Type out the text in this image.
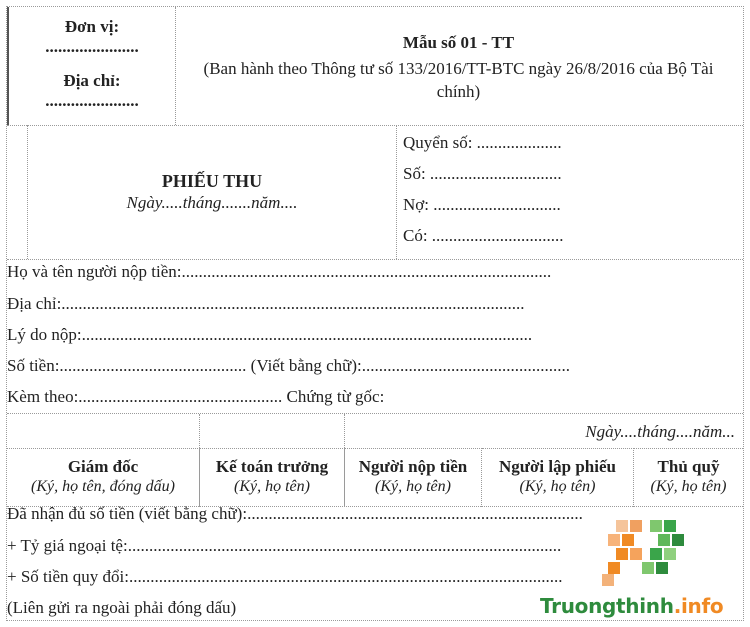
Đơn vị:
......................
Địa chỉ:
......................
Mẫu số 01 - TT
(Ban hành theo Thông tư số 133/2016/TT-BTC ngày 26/8/2016 của Bộ Tài chính)
PHIẾU THU
Ngày.....tháng.......năm....
Quyển số: ....................
Số: ...............................
Nợ: ..............................
Có: ...............................
Họ và tên người nộp tiền:.......................................................................................
Địa chỉ:.............................................................................................................
Lý do nộp:..........................................................................................................
Số tiền:............................................ (Viết bằng chữ):.................................................
Kèm theo:................................................ Chứng từ gốc:
Ngày....tháng....năm...
Giám đốc
(Ký, họ tên, đóng dấu)
Kế toán trưởng
(Ký, họ tên)
Người nộp tiền
(Ký, họ tên)
Người lập phiếu
(Ký, họ tên)
Thủ quỹ
(Ký, họ tên)
Đã nhận đủ số tiền (viết bằng chữ):...............................................................................
+ Tỷ giá ngoại tệ:......................................................................................................
+ Số tiền quy đổi:......................................................................................................
(Liên gửi ra ngoài phải đóng dấu)	Truongthinh.info
